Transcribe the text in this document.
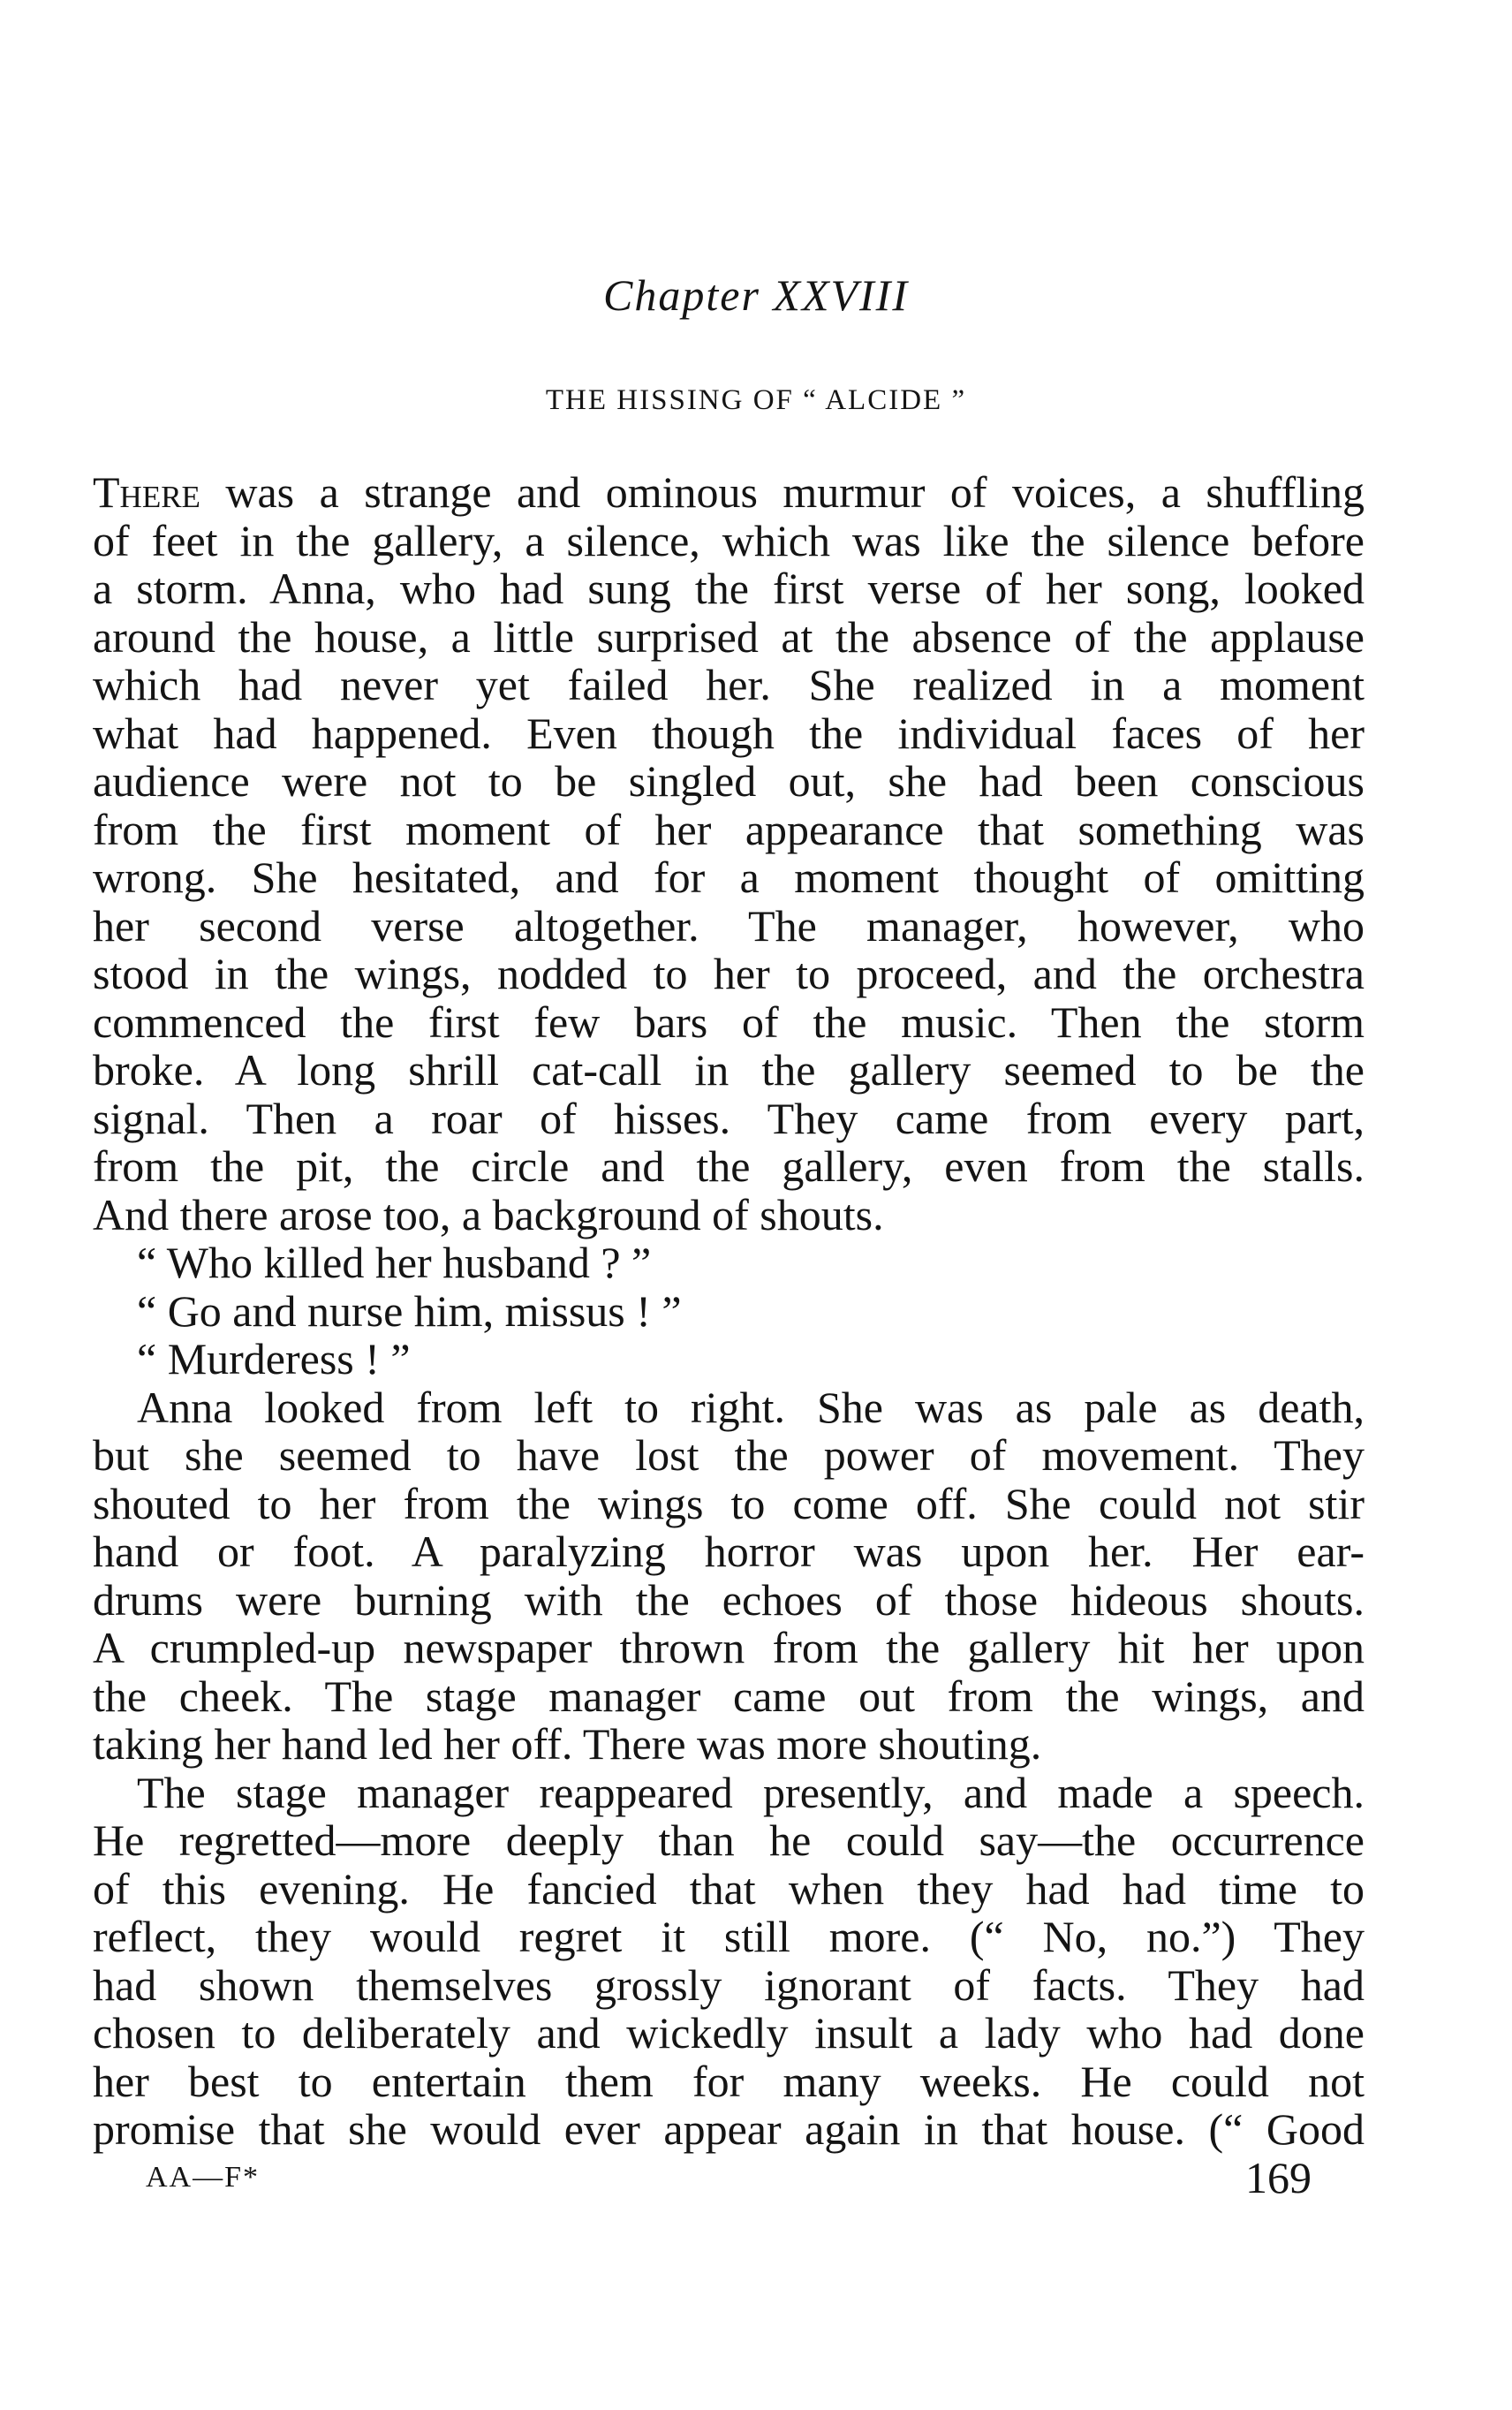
Chapter XXVIII
THE HISSING OF “ ALCIDE ”
There was a strange and ominous murmur of voices, a shuffling
of feet in the gallery, a silence, which was like the silence before
a storm. Anna, who had sung the first verse of her song, looked
around the house, a little surprised at the absence of the applause
which had never yet failed her. She realized in a moment
what had happened. Even though the individual faces of her
audience were not to be singled out, she had been conscious
from the first moment of her appearance that something was
wrong. She hesitated, and for a moment thought of omitting
her second verse altogether. The manager, however, who
stood in the wings, nodded to her to proceed, and the orchestra
commenced the first few bars of the music. Then the storm
broke. A long shrill cat-call in the gallery seemed to be the
signal. Then a roar of hisses. They came from every part,
from the pit, the circle and the gallery, even from the stalls.
And there arose too, a background of shouts.
“ Who killed her husband ? ”
“ Go and nurse him, missus ! ”
“ Murderess ! ”
Anna looked from left to right. She was as pale as death,
but she seemed to have lost the power of movement. They
shouted to her from the wings to come off. She could not stir
hand or foot. A paralyzing horror was upon her. Her ear-
drums were burning with the echoes of those hideous shouts.
A crumpled-up newspaper thrown from the gallery hit her upon
the cheek. The stage manager came out from the wings, and
taking her hand led her off. There was more shouting.
The stage manager reappeared presently, and made a speech.
He regretted—more deeply than he could say—the occurrence
of this evening. He fancied that when they had had time to
reflect, they would regret it still more. (“ No, no.”) They
had shown themselves grossly ignorant of facts. They had
chosen to deliberately and wickedly insult a lady who had done
her best to entertain them for many weeks. He could not
promise that she would ever appear again in that house. (“ Good
AA—F*	169
